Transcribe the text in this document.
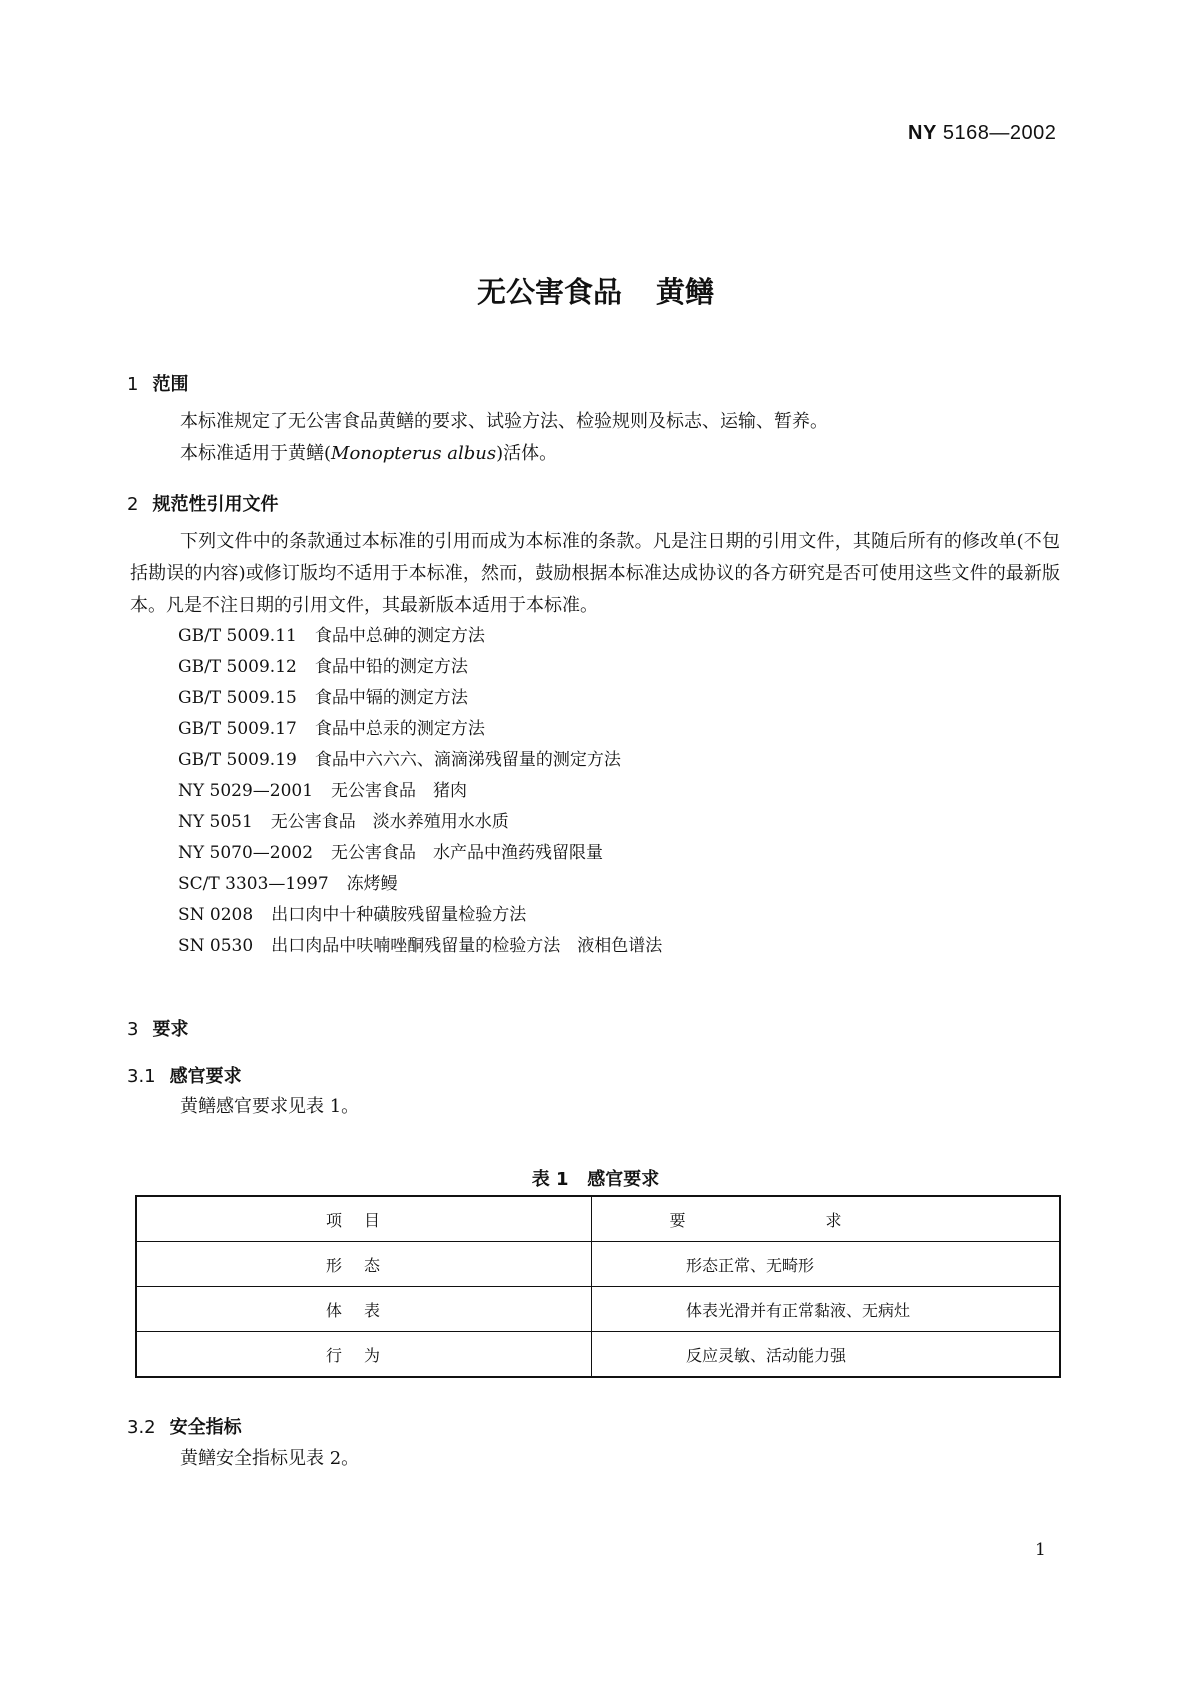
NY 5168—2002
无公害食品 黄鳝
1 范围
本标准规定了无公害食品黄鳝的要求、试验方法、检验规则及标志、运输、暂养。
本标准适用于黄鳝(Monopterus albus)活体。
2 规范性引用文件
下列文件中的条款通过本标准的引用而成为本标准的条款。凡是注日期的引用文件，其随后所有的修改单(不包括勘误的内容)或修订版均不适用于本标准，然而，鼓励根据本标准达成协议的各方研究是否可使用这些文件的最新版本。凡是不注日期的引用文件，其最新版本适用于本标准。
GB/T 5009.11 食品中总砷的测定方法
GB/T 5009.12 食品中铅的测定方法
GB/T 5009.15 食品中镉的测定方法
GB/T 5009.17 食品中总汞的测定方法
GB/T 5009.19 食品中六六六、滴滴涕残留量的测定方法
NY 5029—2001 无公害食品　猪肉
NY 5051 无公害食品　淡水养殖用水水质
NY 5070—2002 无公害食品　水产品中渔药残留限量
SC/T 3303—1997 冻烤鳗
SN 0208 出口肉中十种磺胺残留量检验方法
SN 0530 出口肉品中呋喃唑酮残留量的检验方法　液相色谱法
3 要求
3.1 感官要求
黄鳝感官要求见表 1。
表 1 感官要求
项目	要求
形态	形态正常、无畸形
体表	体表光滑并有正常黏液、无病灶
行为	反应灵敏、活动能力强
3.2 安全指标
黄鳝安全指标见表 2。
1
